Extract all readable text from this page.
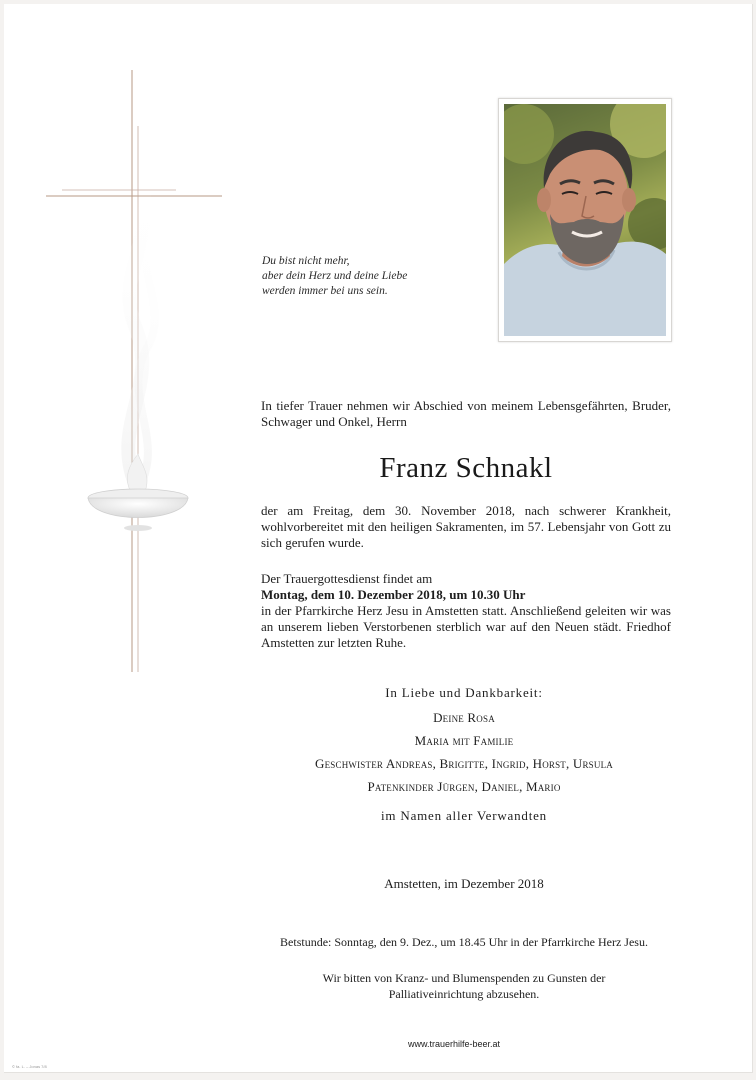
Du bist nicht mehr,
aber dein Herz und deine Liebe
werden immer bei uns sein.
In tiefer Trauer nehmen wir Abschied von meinem Lebensgefährten, Bruder, Schwager und Onkel, Herrn
Franz Schnakl
der am Freitag, dem 30. November 2018, nach schwerer Krankheit, wohlvorbereitet mit den heiligen Sakramenten, im 57. Lebensjahr von Gott zu sich gerufen wurde.
Der Trauergottesdienst findet am
Montag, dem 10. Dezember 2018, um 10.30 Uhr
in der Pfarrkirche Herz Jesu in Amstetten statt. Anschließend geleiten wir was an unserem lieben Verstorbenen sterblich war auf den Neuen städt. Friedhof Amstetten zur letzten Ruhe.
In Liebe und Dankbarkeit:
Deine Rosa
Maria mit Familie
Geschwister Andreas, Brigitte, Ingrid, Horst, Ursula
Patenkinder Jürgen, Daniel, Mario
im Namen aller Verwandten
Amstetten, im Dezember 2018
Betstunde: Sonntag, den 9. Dez., um 18.45 Uhr in der Pfarrkirche Herz Jesu.
Wir bitten von Kranz- und Blumenspenden zu Gunsten der
Palliativeinrichtung abzusehen.
www.trauerhilfe-beer.at
© fa. L. – Jonas 7/8
